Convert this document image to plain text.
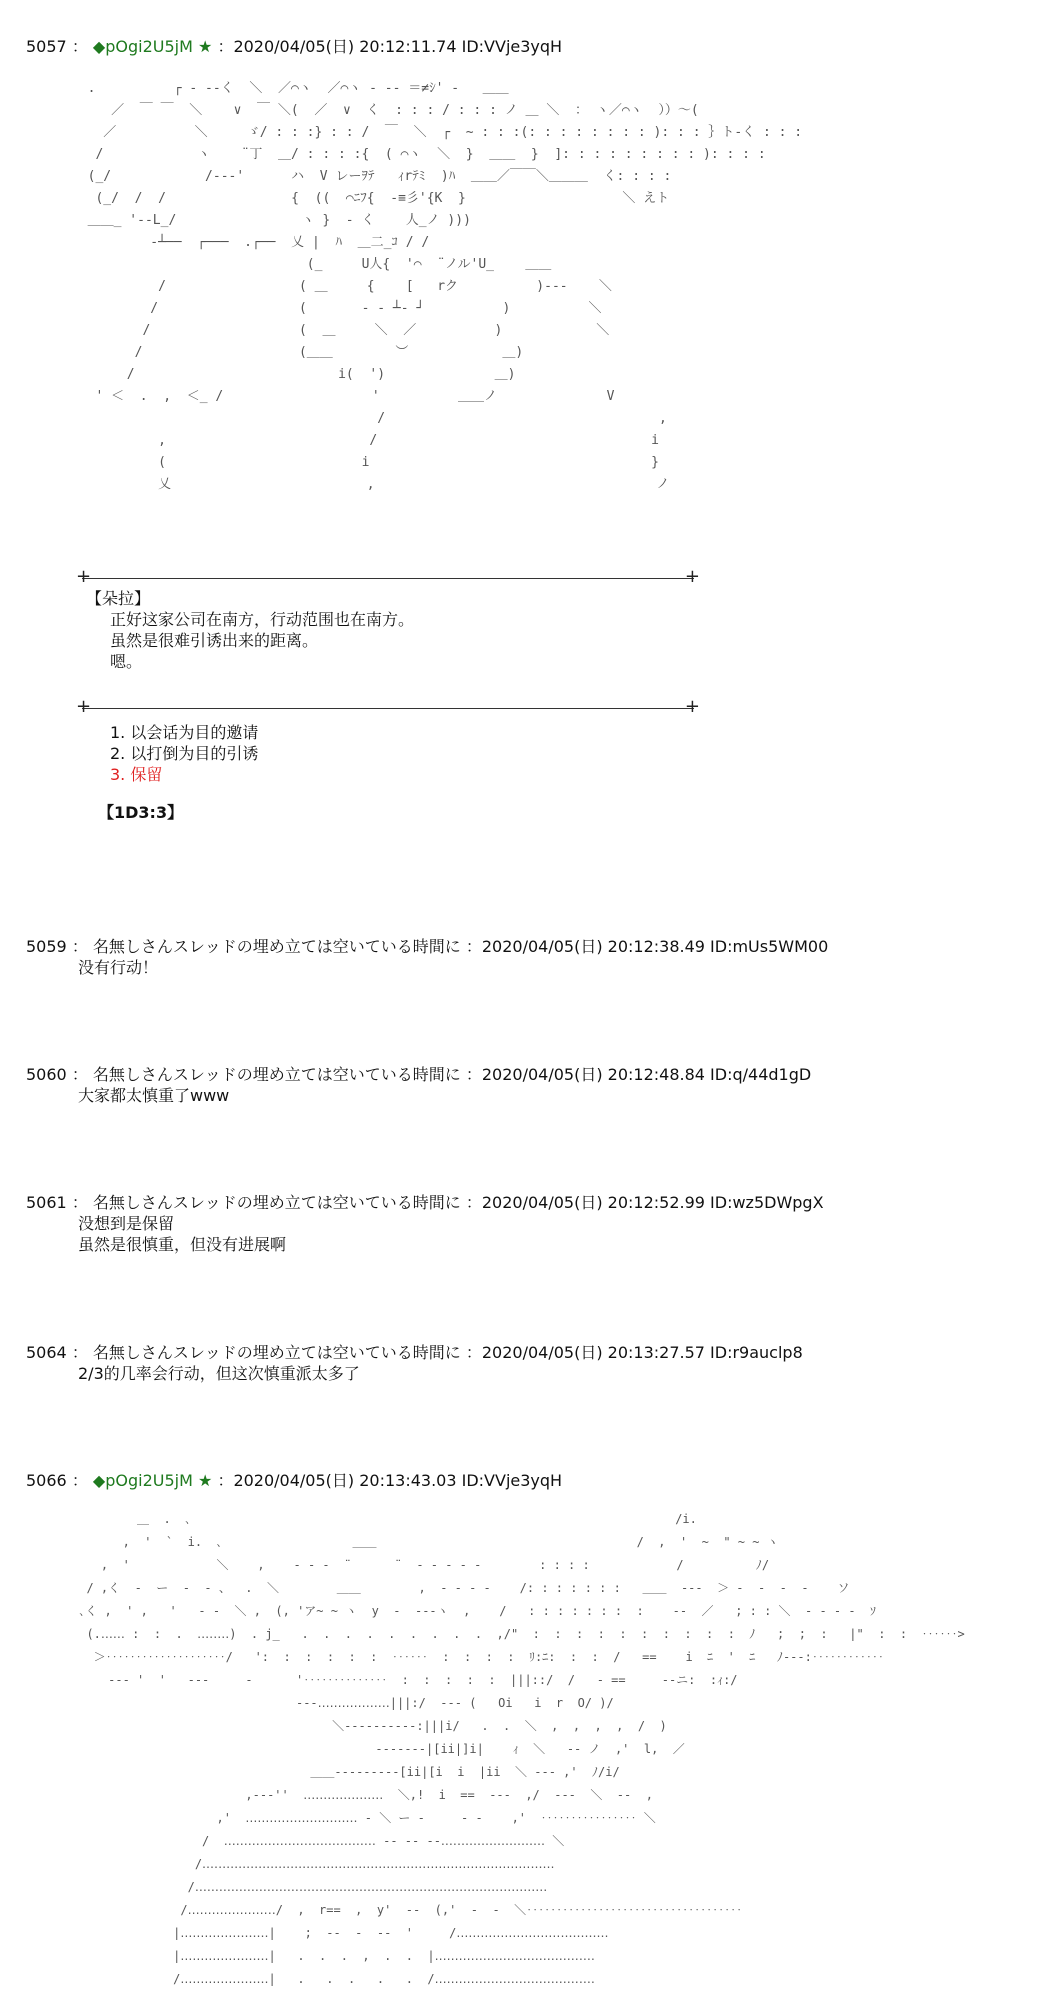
5057 ： ◆pOgi2U5jM ★ ：2020/04/05(日) 20:12:11.74 ID:VVje3yqH
.          ┌ ‐ -‐く  ＼  ／⌒ヽ  ／⌒ヽ ‐ -‐ ＝≠ｼ' ‐   ＿＿
／  ￣ ￣  ＼    ∨  ￣ ＼(  ／  ∨  く  : : : / : : : ノ ＿ ＼  ： ヽ／⌒ヽ  ））～(
／          ＼     ゞ/ : : :} : : /  ￣  ＼  ┌  ~ : : :(: : : : : : : : ): : : ｝ト‐く : : :
/            ヽ    ¨丁  ＿/ : : : :{  ( ⌒ヽ  ＼  }  ＿＿  }  ]: : : : : : : : : ): : : :
(_/            /‐‐‐'      ハ  V レーｦﾃ   ｨrﾃﾐ  )ﾊ  ＿＿／￣￣＼＿＿＿  く: : : :
(_/  /  /                {  ((  ⌒ﾆﾌ{  ‐≡彡'{K  }                    ＼ えト
＿＿_ '‐-L_/                ヽ }  ‐ く    人_ノ )))
‐┴──  ┌───  .┌──  乂 |  ﾊ  ＿二_ｺ / /
(_     U人{  '⌒  ¨ノル'U_    ＿＿
/                 ( ＿     {    [   rク          )‐‐‐    ＼
/                  (       ‐ ‐ ┴‐ ┘          )          ＼
/                   (  ＿     ＼  ／          )            ＼
/                    (＿＿        ︶            ＿)
/                          i(  ')              ＿)
' ＜  .  ,  ＜_ /                   '          ＿＿ノ              V
/                                   ,
,                          /                                   i
(                         i                                    }
乂                         ,                                    ノ
+ +
【朵拉】
正好这家公司在南方，行动范围也在南方。
虽然是很难引诱出来的距离。
嗯。
+ +
1. 以会话为目的邀请
2. 以打倒为目的引诱
3. 保留
【1D3:3】
5059 ： 名無しさんスレッドの埋め立ては空いている時間に ：2020/04/05(日) 20:12:38.49 ID:mUs5WM00
没有行动！
5060 ： 名無しさんスレッドの埋め立ては空いている時間に ：2020/04/05(日) 20:12:48.84 ID:q/44d1gD
大家都太慎重了www
5061 ： 名無しさんスレッドの埋め立ては空いている時間に ：2020/04/05(日) 20:12:52.99 ID:wz5DWpgX
没想到是保留
虽然是很慎重，但没有进展啊
5064 ： 名無しさんスレッドの埋め立ては空いている時間に ：2020/04/05(日) 20:13:27.57 ID:r9auclp8
2/3的几率会行动，但这次慎重派太多了
5066 ： ◆pOgi2U5jM ★ ：2020/04/05(日) 20:13:43.03 ID:VVje3yqH
＿  .  ､                                                                   /i.
,  '  `  i.  ､                  ＿＿                                    /  ,  '  ~  " ~ ~ ヽ
,  '            ＼    ,    ‐ ‐ ‐  ¨      ¨  ‐ ‐ ‐ ‐ ‐        : : : :            /          ﾉ/
/ ,く  ‐  ー  ‐  ‐ 、  .  ＼        ＿＿        ,  ‐ ‐ ‐ ‐    /: : : : : : :   ＿＿  ‐‐‐  ＞ ‐  ‐  ‐  ‐    ソ
､く ,  ' ,   '   ‐ ‐  ＼ ,  (, 'ア~ ~ ヽ  y  ‐  ‐‐‐ヽ  ,    /   : : : : : : :  :    ‐‐  ／   ; : : ＼  ‐ ‐ ‐ ‐  ｿ
(.‥‥‥ :  :  .  ‥‥‥‥)  . j_   .  .  .  .  .  .  .  .  .  ,/"  :  :  :  :  :  :  :  :  :  :  ﾉ   ;  ;  :   |"  :  :  ‥‥‥>
＞‥‥‥‥‥‥‥‥‥‥/   ':  :  :  :  :  :  ‥‥‥  :  :  :  :  ﾘ:ﾆ:  :  :  /   ==    i  ﾆ  '  ﾆ   ﾉ‐‐‐:‥‥‥‥‥‥
‐‐‐ '  '   ‐‐‐     ‐      '‥‥‥‥‥‥‥  :  :  :  :  :  |||::/  /   ‐ ==     ‐‐ニ:  :ｨ:/
‐‐‐‥‥‥‥‥‥‥‥‥|||:/  ‐‐‐ (   Oi   i  r  O/ )/
＼‐‐‐‐‐‐‐‐‐‐:|||i/   .  .  ＼  ,  ,  ,  ,  /  )
‐‐‐‐‐‐‐|[ii|]i|    ｨ  ＼   ‐‐ ノ  ,'  l,  ／
＿＿‐‐‐‐‐‐‐‐‐[ii|[i  i  |ii  ＼ ‐‐‐ ,'  ﾉ/i/
,‐‐‐''  ‥‥‥‥‥‥‥‥‥‥  ＼,!  i  ==  ‐‐‐  ,/  ‐‐‐  ＼  ‐‐  ,
,'  ‥‥‥‥‥‥‥‥‥‥‥‥‥‥ ‐ ＼ ー ‐     ‐ ‐    ,'  ‥‥‥‥‥‥‥‥ ＼
/  ‥‥‥‥‥‥‥‥‥‥‥‥‥‥‥‥‥‥‥ ‐‐ ‐‐ ‐‐‥‥‥‥‥‥‥‥‥‥‥‥‥ ＼
/‥‥‥‥‥‥‥‥‥‥‥‥‥‥‥‥‥‥‥‥‥‥‥‥‥‥‥‥‥‥‥‥‥‥‥‥‥‥‥‥‥‥‥‥
/‥‥‥‥‥‥‥‥‥‥‥‥‥‥‥‥‥‥‥‥‥‥‥‥‥‥‥‥‥‥‥‥‥‥‥‥‥‥‥‥‥‥‥‥
/‥‥‥‥‥‥‥‥‥‥‥/  ,  r==  ,  y'  ‐‐  (,'  ‐  ‐  ＼‥‥‥‥‥‥‥‥‥‥‥‥‥‥‥‥‥‥
|‥‥‥‥‥‥‥‥‥‥‥|    ;  ‐‐  ‐  ‐‐  '     /‥‥‥‥‥‥‥‥‥‥‥‥‥‥‥‥‥‥‥
|‥‥‥‥‥‥‥‥‥‥‥|   .  .  .  ,  .  .  |‥‥‥‥‥‥‥‥‥‥‥‥‥‥‥‥‥‥‥‥
/‥‥‥‥‥‥‥‥‥‥‥|   .   .  .   .   .  /‥‥‥‥‥‥‥‥‥‥‥‥‥‥‥‥‥‥‥‥
